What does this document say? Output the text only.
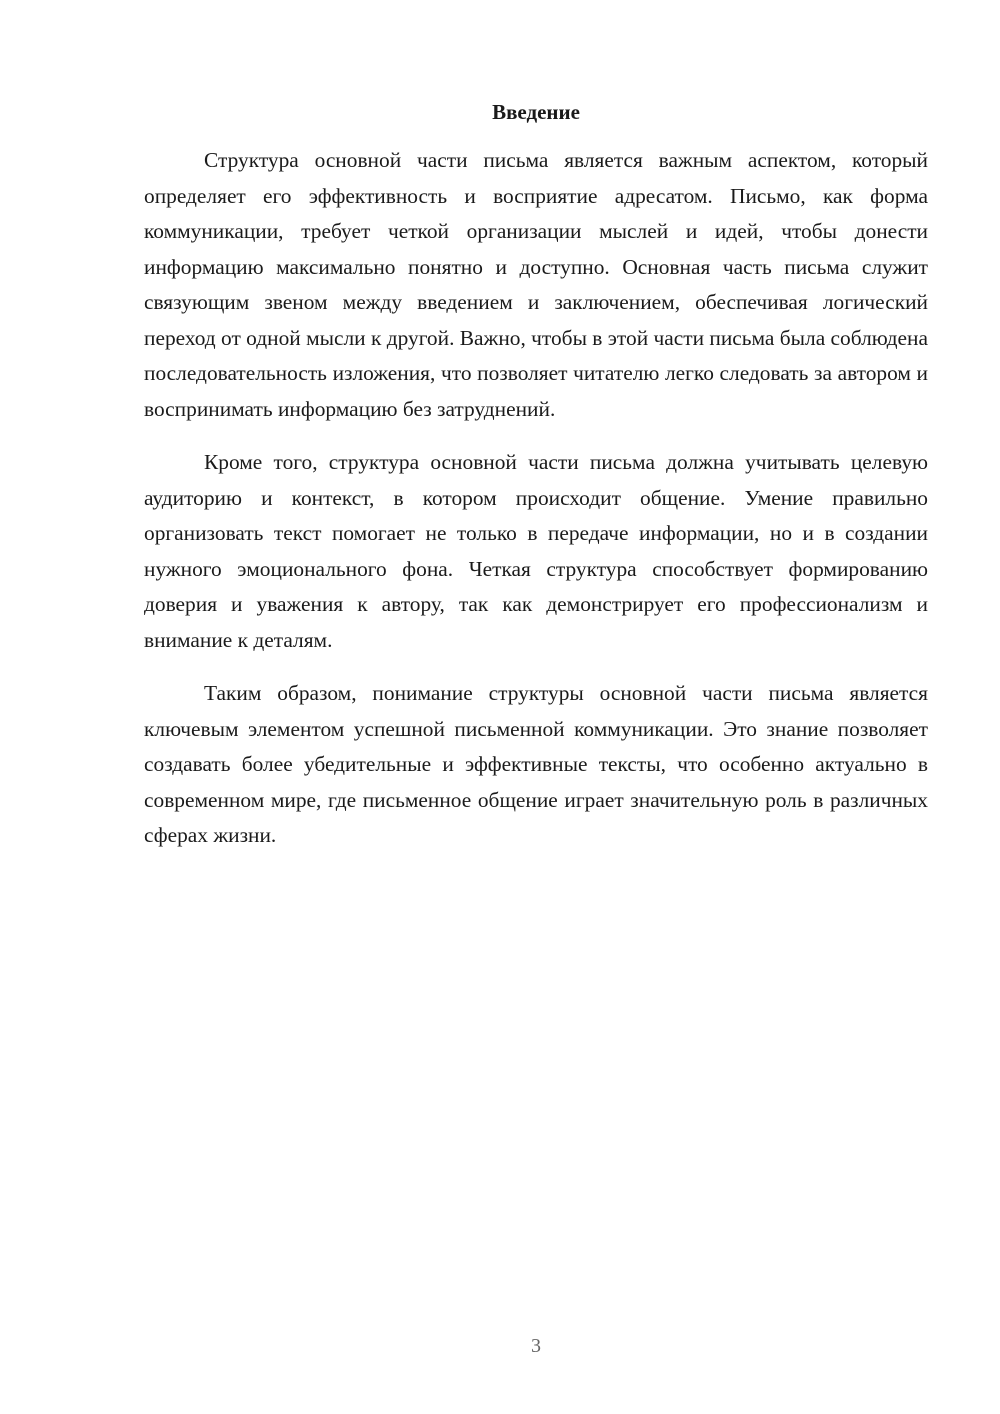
Введение

Структура основной части письма является важным аспектом, который определяет его эффективность и восприятие адресатом. Письмо, как форма коммуникации, требует четкой организации мыслей и идей, чтобы донести информацию максимально понятно и доступно. Основная часть письма служит связующим звеном между введением и заключением, обеспечивая логический переход от одной мысли к другой. Важно, чтобы в этой части письма была соблюдена последовательность изложения, что позволяет читателю легко следовать за автором и воспринимать информацию без затруднений.

Кроме того, структура основной части письма должна учитывать целевую аудиторию и контекст, в котором происходит общение. Умение правильно организовать текст помогает не только в передаче информации, но и в создании нужного эмоционального фона. Четкая структура способствует формированию доверия и уважения к автору, так как демонстрирует его профессионализм и внимание к деталям.

Таким образом, понимание структуры основной части письма является ключевым элементом успешной письменной коммуникации. Это знание позволяет создавать более убедительные и эффективные тексты, что особенно актуально в современном мире, где письменное общение играет значительную роль в различных сферах жизни.

3
